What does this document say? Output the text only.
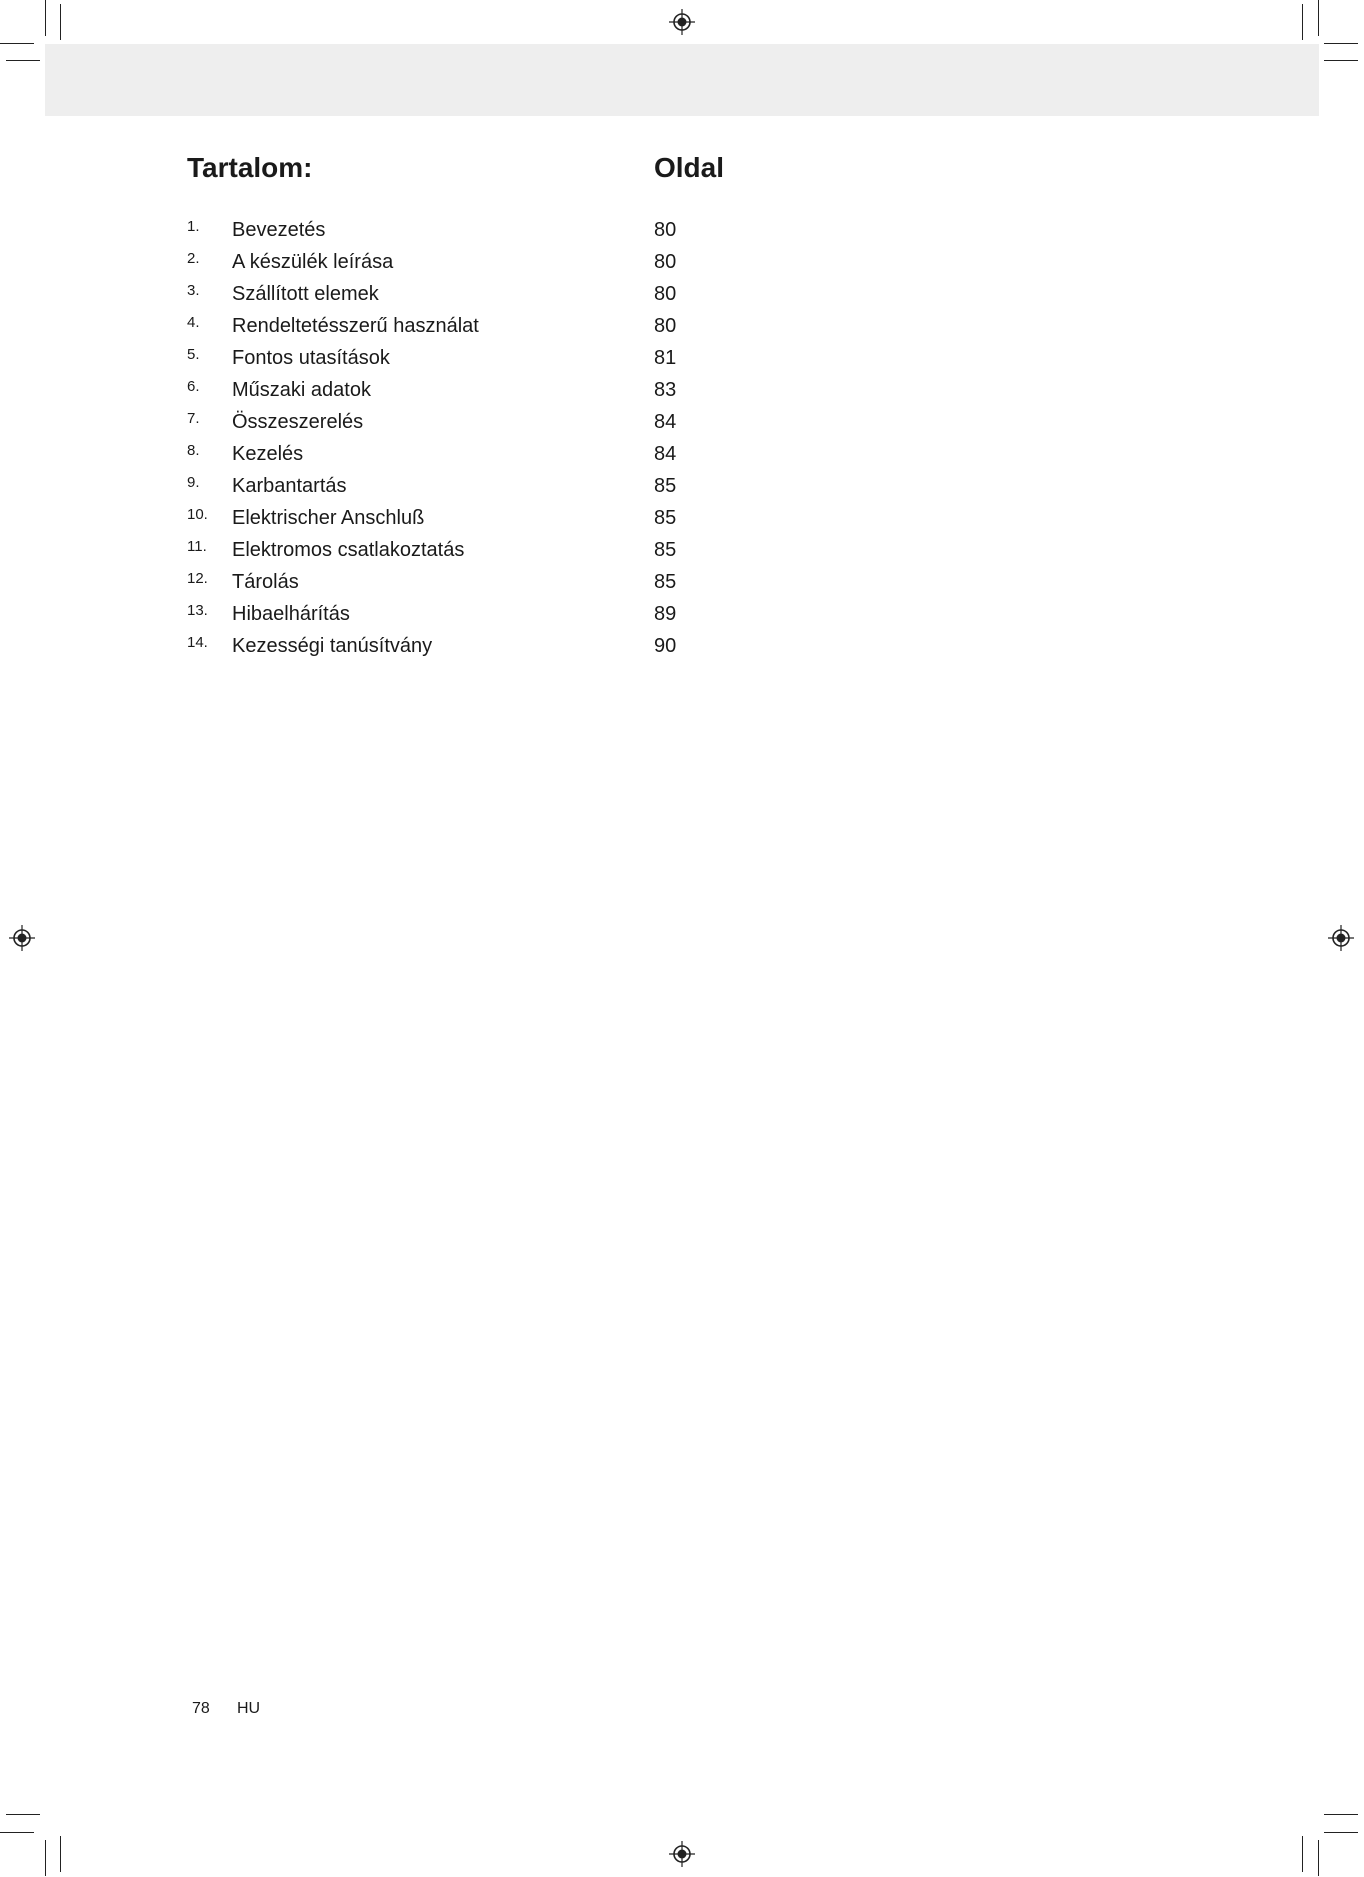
Tartalom:	Oldal
1. Bevezetés	80
2. A készülék leírása	80
3. Szállított elemek	80
4. Rendeltetésszerű használat	80
5. Fontos utasítások	81
6. Műszaki adatok	83
7. Összeszerelés	84
8. Kezelés	84
9. Karbantartás	85
10. Elektrischer Anschluß	85
11. Elektromos csatlakoztatás	85
12. Tárolás	85
13. Hibaelhárítás	89
14. Kezességi tanúsítvány	90
78 HU
